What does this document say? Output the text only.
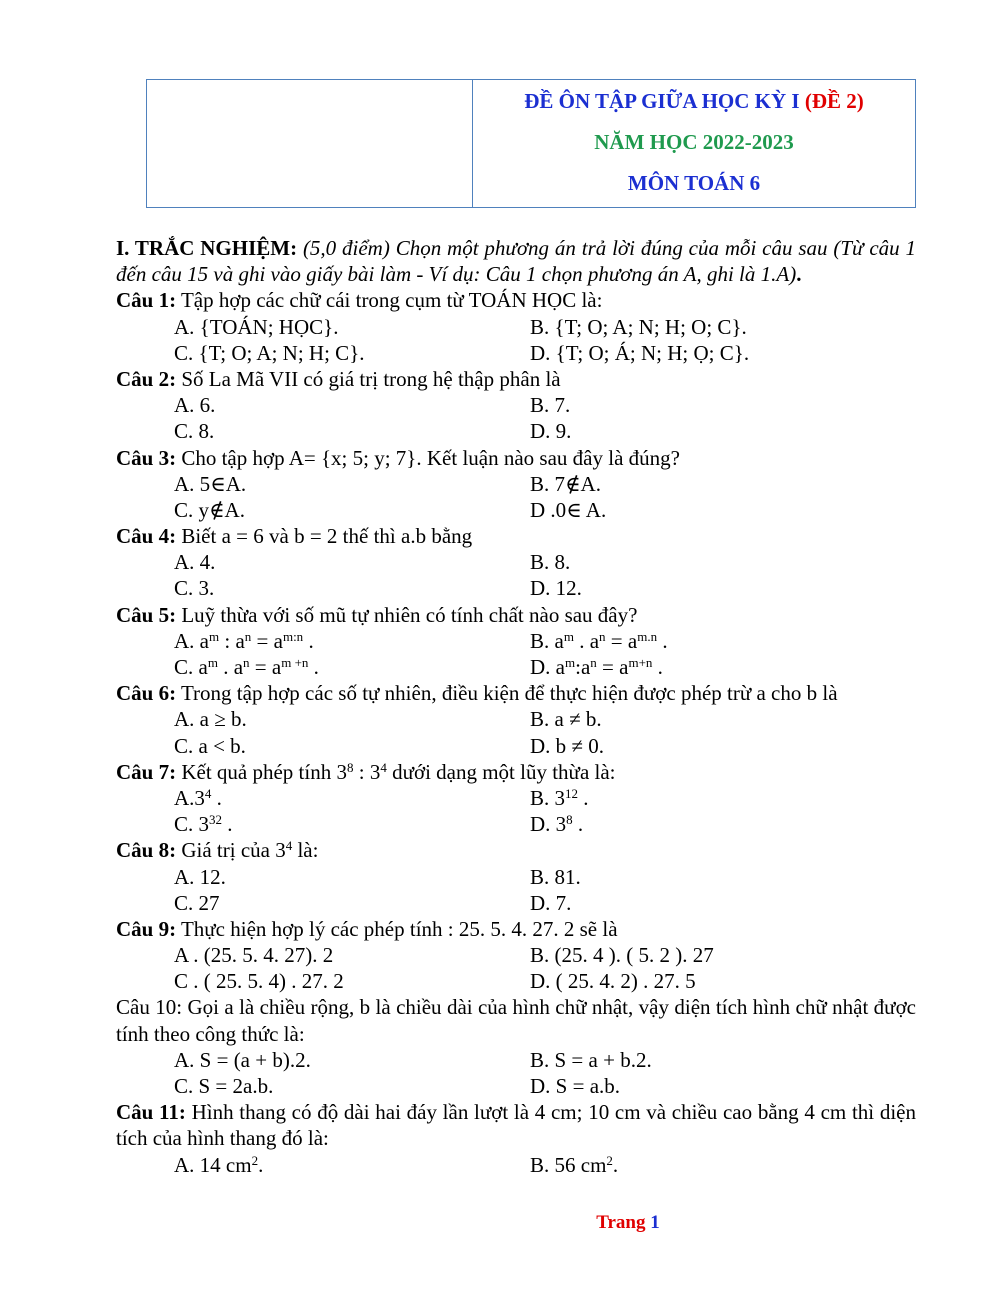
ĐỀ ÔN TẬP GIỮA HỌC KỲ I (ĐỀ 2)
NĂM HỌC 2022-2023
MÔN TOÁN 6
I. TRẮC NGHIỆM: (5,0 điểm) Chọn một phương án trả lời đúng của mỗi câu sau (Từ câu 1 đến câu 15 và ghi vào giấy bài làm - Ví dụ: Câu 1 chọn phương án A, ghi là 1.A).
Câu 1: Tập hợp các chữ cái trong cụm từ TOÁN HỌC là:
A. {TOÁN; HỌC}.	B. {T; O; A; N; H; O; C}.
C. {T; O; A; N; H; C}.	D. {T; O; Á; N; H; Ọ; C}.
Câu 2: Số La Mã VII có giá trị trong hệ thập phân là
A. 6.	B. 7.
C. 8.	D. 9.
Câu 3: Cho tập hợp A= {x; 5; y; 7}. Kết luận nào sau đây là đúng?
A. 5∈A.	B. 7∉A.
C. y∉A.	D .0∈ A.
Câu 4: Biết a = 6 và b = 2 thế thì a.b bằng
A. 4.	B. 8.
C. 3.	D. 12.
Câu 5: Luỹ thừa với số mũ tự nhiên có tính chất nào sau đây?
A. $a^m$ : $a^n = a^{m:n}$ .	B. $a^m$ . $a^n = a^{m.n}$ .
C. $a^m$ . $a^n = a^{m +n}$ .	D. $a^m:a^n = a^{m+n}$ .
Câu 6: Trong tập hợp các số tự nhiên, điều kiện để thực hiện được phép trừ a cho b là
A. a ≥ b.	B. a ≠ b.
C. a < b.	D. b ≠ 0.
Câu 7: Kết quả phép tính $3^8$ : $3^4$ dưới dạng một lũy thừa là:
$A.3^4$ .	B. $3^{12}$ .
C. $3^{32}$ .	D. $3^8$ .
Câu 8: Giá trị của $3^4$ là:
A. 12.	B. 81.
C. 27	D. 7.
Câu 9: Thực hiện hợp lý các phép tính : 25. 5. 4. 27. 2 sẽ là
A . (25. 5. 4. 27). 2	B. (25. 4 ). ( 5. 2 ). 27
C . ( 25. 5. 4) . 27. 2	D. ( 25. 4. 2) . 27. 5
Câu 10: Gọi a là chiều rộng, b là chiều dài của hình chữ nhật, vậy diện tích hình chữ nhật được tính theo công thức là:
A. S = (a + b).2.	B. S = a + b.2.
C. S = 2a.b.	D. S = a.b.
Câu 11: Hình thang có độ dài hai đáy lần lượt là 4 cm; 10 cm và chiều cao bằng 4 cm thì diện tích của hình thang đó là:
A. 14 $cm^2$.	B. 56 $cm^2$.
Trang 1
